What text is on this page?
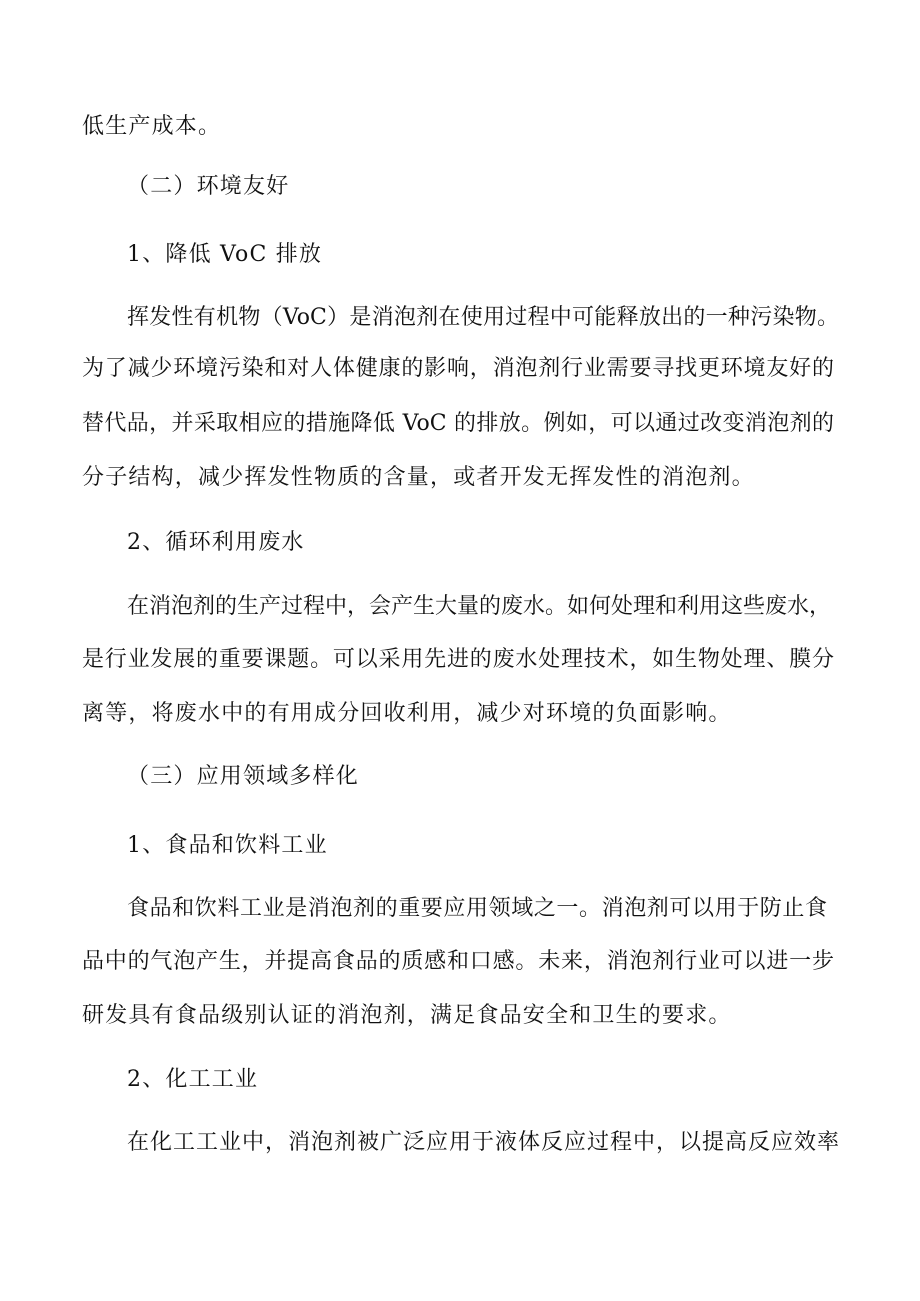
低生产成本。
（二）环境友好
1、降低 VoC 排放
挥发性有机物（VoC）是消泡剂在使用过程中可能释放出的一种污染物。
为了减少环境污染和对人体健康的影响，消泡剂行业需要寻找更环境友好的
替代品，并采取相应的措施降低 VoC 的排放。例如，可以通过改变消泡剂的
分子结构，减少挥发性物质的含量，或者开发无挥发性的消泡剂。
2、循环利用废水
在消泡剂的生产过程中，会产生大量的废水。如何处理和利用这些废水，
是行业发展的重要课题。可以采用先进的废水处理技术，如生物处理、膜分
离等，将废水中的有用成分回收利用，减少对环境的负面影响。
（三）应用领域多样化
1、食品和饮料工业
食品和饮料工业是消泡剂的重要应用领域之一。消泡剂可以用于防止食
品中的气泡产生，并提高食品的质感和口感。未来，消泡剂行业可以进一步
研发具有食品级别认证的消泡剂，满足食品安全和卫生的要求。
2、化工工业
在化工工业中，消泡剂被广泛应用于液体反应过程中，以提高反应效率
